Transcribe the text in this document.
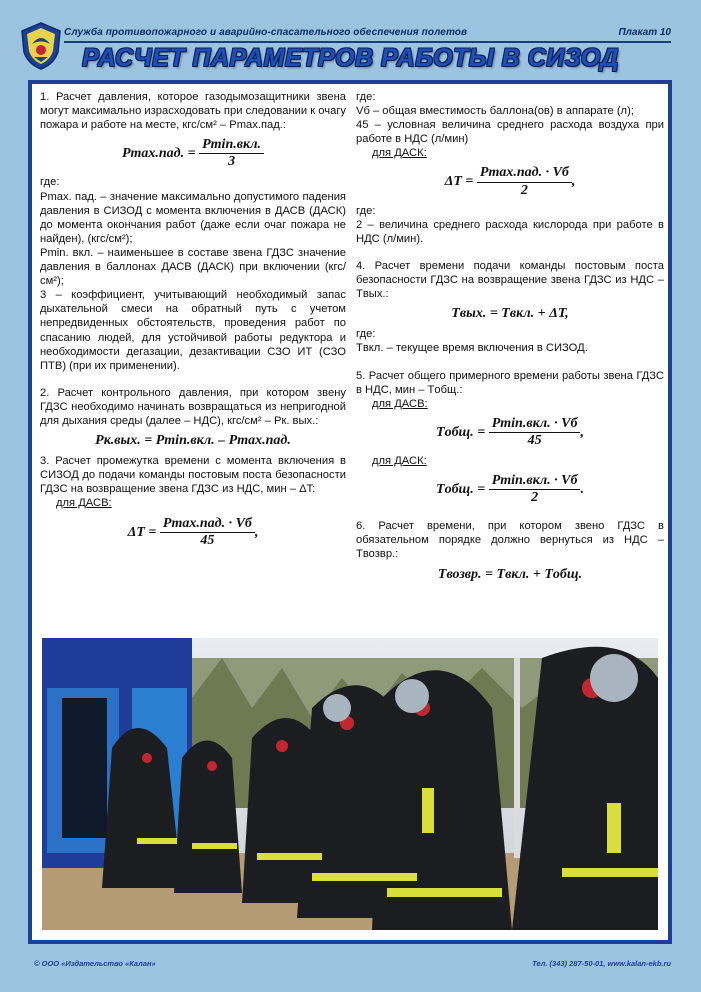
Служба противопожарного и аварийно-спасательного обеспечения полетов	Плакат 10
РАСЧЕТ ПАРАМЕТРОВ РАБОТЫ В СИЗОД

1. Расчет давления, которое газодымозащитники звена могут максимально израсходовать при следовании к очагу пожара и работе на месте, кгс/см² – Pmax.пад.:

Pmax.пад. = $\frac{\text{Pmin.вкл.}}{3}$

где:

Pmax. пад. – значение максимально допустимого падения давления в СИЗОД с момента включения в ДАСВ (ДАСК) до момента окончания работ (даже если очаг пожара не найден), (кгс/см²);

Pmin. вкл. – наименьшее в составе звена ГДЗС значение давления в баллонах ДАСВ (ДАСК) при включении (кгс/см²);

3 – коэффициент, учитывающий необходимый запас дыхательной смеси на обратный путь с учетом непредвиденных обстоятельств, проведения работ по спасанию людей, для устойчивой работы редуктора и необходимости дегазации, дезактивации СЗО ИТ (СЗО ПТВ) (при их применении).

2. Расчет контрольного давления, при котором звену ГДЗС необходимо начинать возвращаться из непригодной для дыхания среды (далее – НДС), кгс/см² – Pк. вых.:

Pк.вых. = Pmin.вкл. – Pmax.пад.

3. Расчет промежутка времени с момента включения в СИЗОД до подачи команды постовым поста безопасности ГДЗС на возвращение звена ГДЗС из НДС, мин – ΔT:

для ДАСВ:

$\Delta T = \frac{\text{Pmax.пад. · Vб}}{45}$ ,

где:

Vб – общая вместимость баллона(ов) в аппарате (л);

45 – условная величина среднего расхода воздуха при работе в НДС (л/мин)

для ДАСК:

$\Delta T = \frac{\text{Pmax.пад. · Vб}}{2}$ ,

где:

2 – величина среднего расхода кислорода при работе в НДС (л/мин).

4. Расчет времени подачи команды постовым поста безопасности ГДЗС на возвращение звена ГДЗС из НДС – Tвых.:

Tвых. = Tвкл. + ΔT,

где:

Tвкл. – текущее время включения в СИЗОД.

5. Расчет общего примерного времени работы звена ГДЗС в НДС, мин – Tобщ.:

для ДАСВ:

Tобщ. = $\frac{\text{Pmin.вкл. · Vб}}{45}$ ,

для ДАСК:

Tобщ. = $\frac{\text{Pmin.вкл. · Vб}}{2}$ .

6. Расчет времени, при котором звено ГДЗС в обязательном порядке должно вернуться из НДС – Tвозвр.:

Tвозвр. = Tвкл. + Tобщ.
© ООО «Издательство «Калан»	Тел. (343) 287-50-01, www.kalan-ekb.ru
